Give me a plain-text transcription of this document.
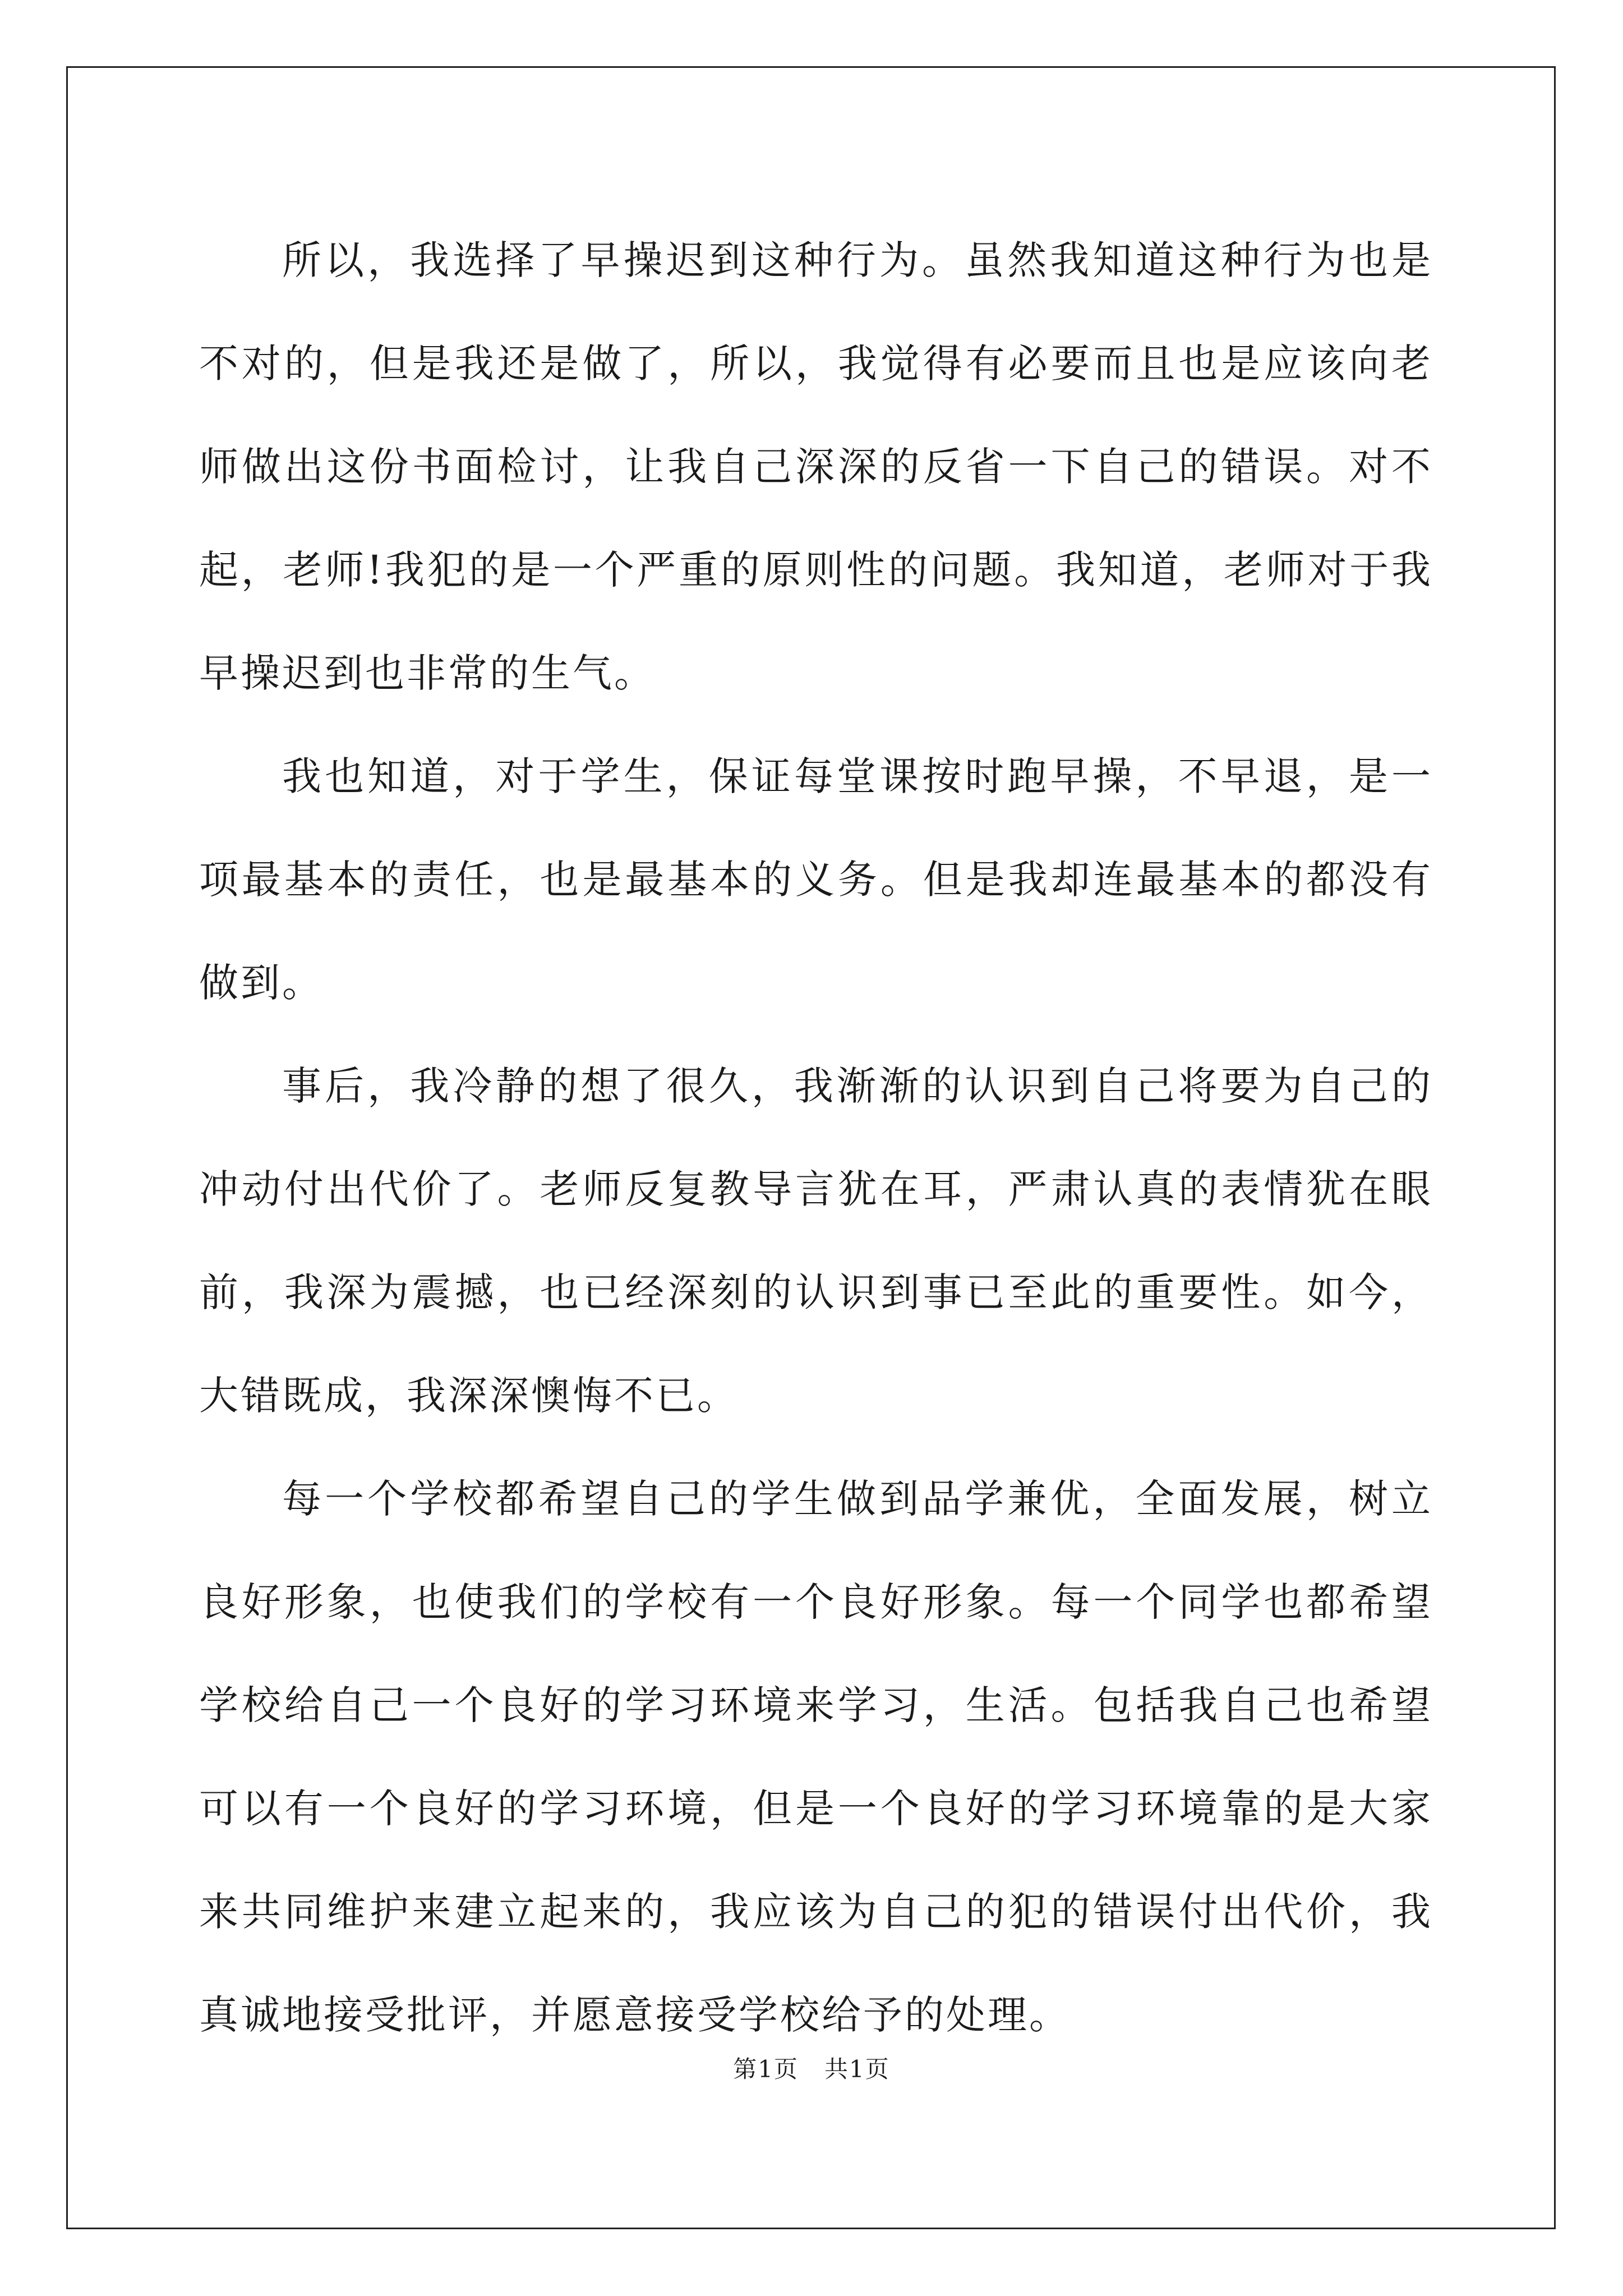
所以，我选择了早操迟到这种行为。虽然我知道这种行为也是不对的，但是我还是做了，所以，我觉得有必要而且也是应该向老师做出这份书面检讨，让我自己深深的反省一下自己的错误。对不起，老师!我犯的是一个严重的原则性的问题。我知道，老师对于我早操迟到也非常的生气。

我也知道，对于学生，保证每堂课按时跑早操，不早退，是一项最基本的责任，也是最基本的义务。但是我却连最基本的都没有做到。

事后，我冷静的想了很久，我渐渐的认识到自己将要为自己的冲动付出代价了。老师反复教导言犹在耳，严肃认真的表情犹在眼前，我深为震撼，也已经深刻的认识到事已至此的重要性。如今，大错既成，我深深懊悔不已。

每一个学校都希望自己的学生做到品学兼优，全面发展，树立良好形象，也使我们的学校有一个良好形象。每一个同学也都希望学校给自己一个良好的学习环境来学习，生活。包括我自己也希望可以有一个良好的学习环境，但是一个良好的学习环境靠的是大家来共同维护来建立起来的，我应该为自己的犯的错误付出代价，我真诚地接受批评，并愿意接受学校给予的处理。

第1页   共1页
